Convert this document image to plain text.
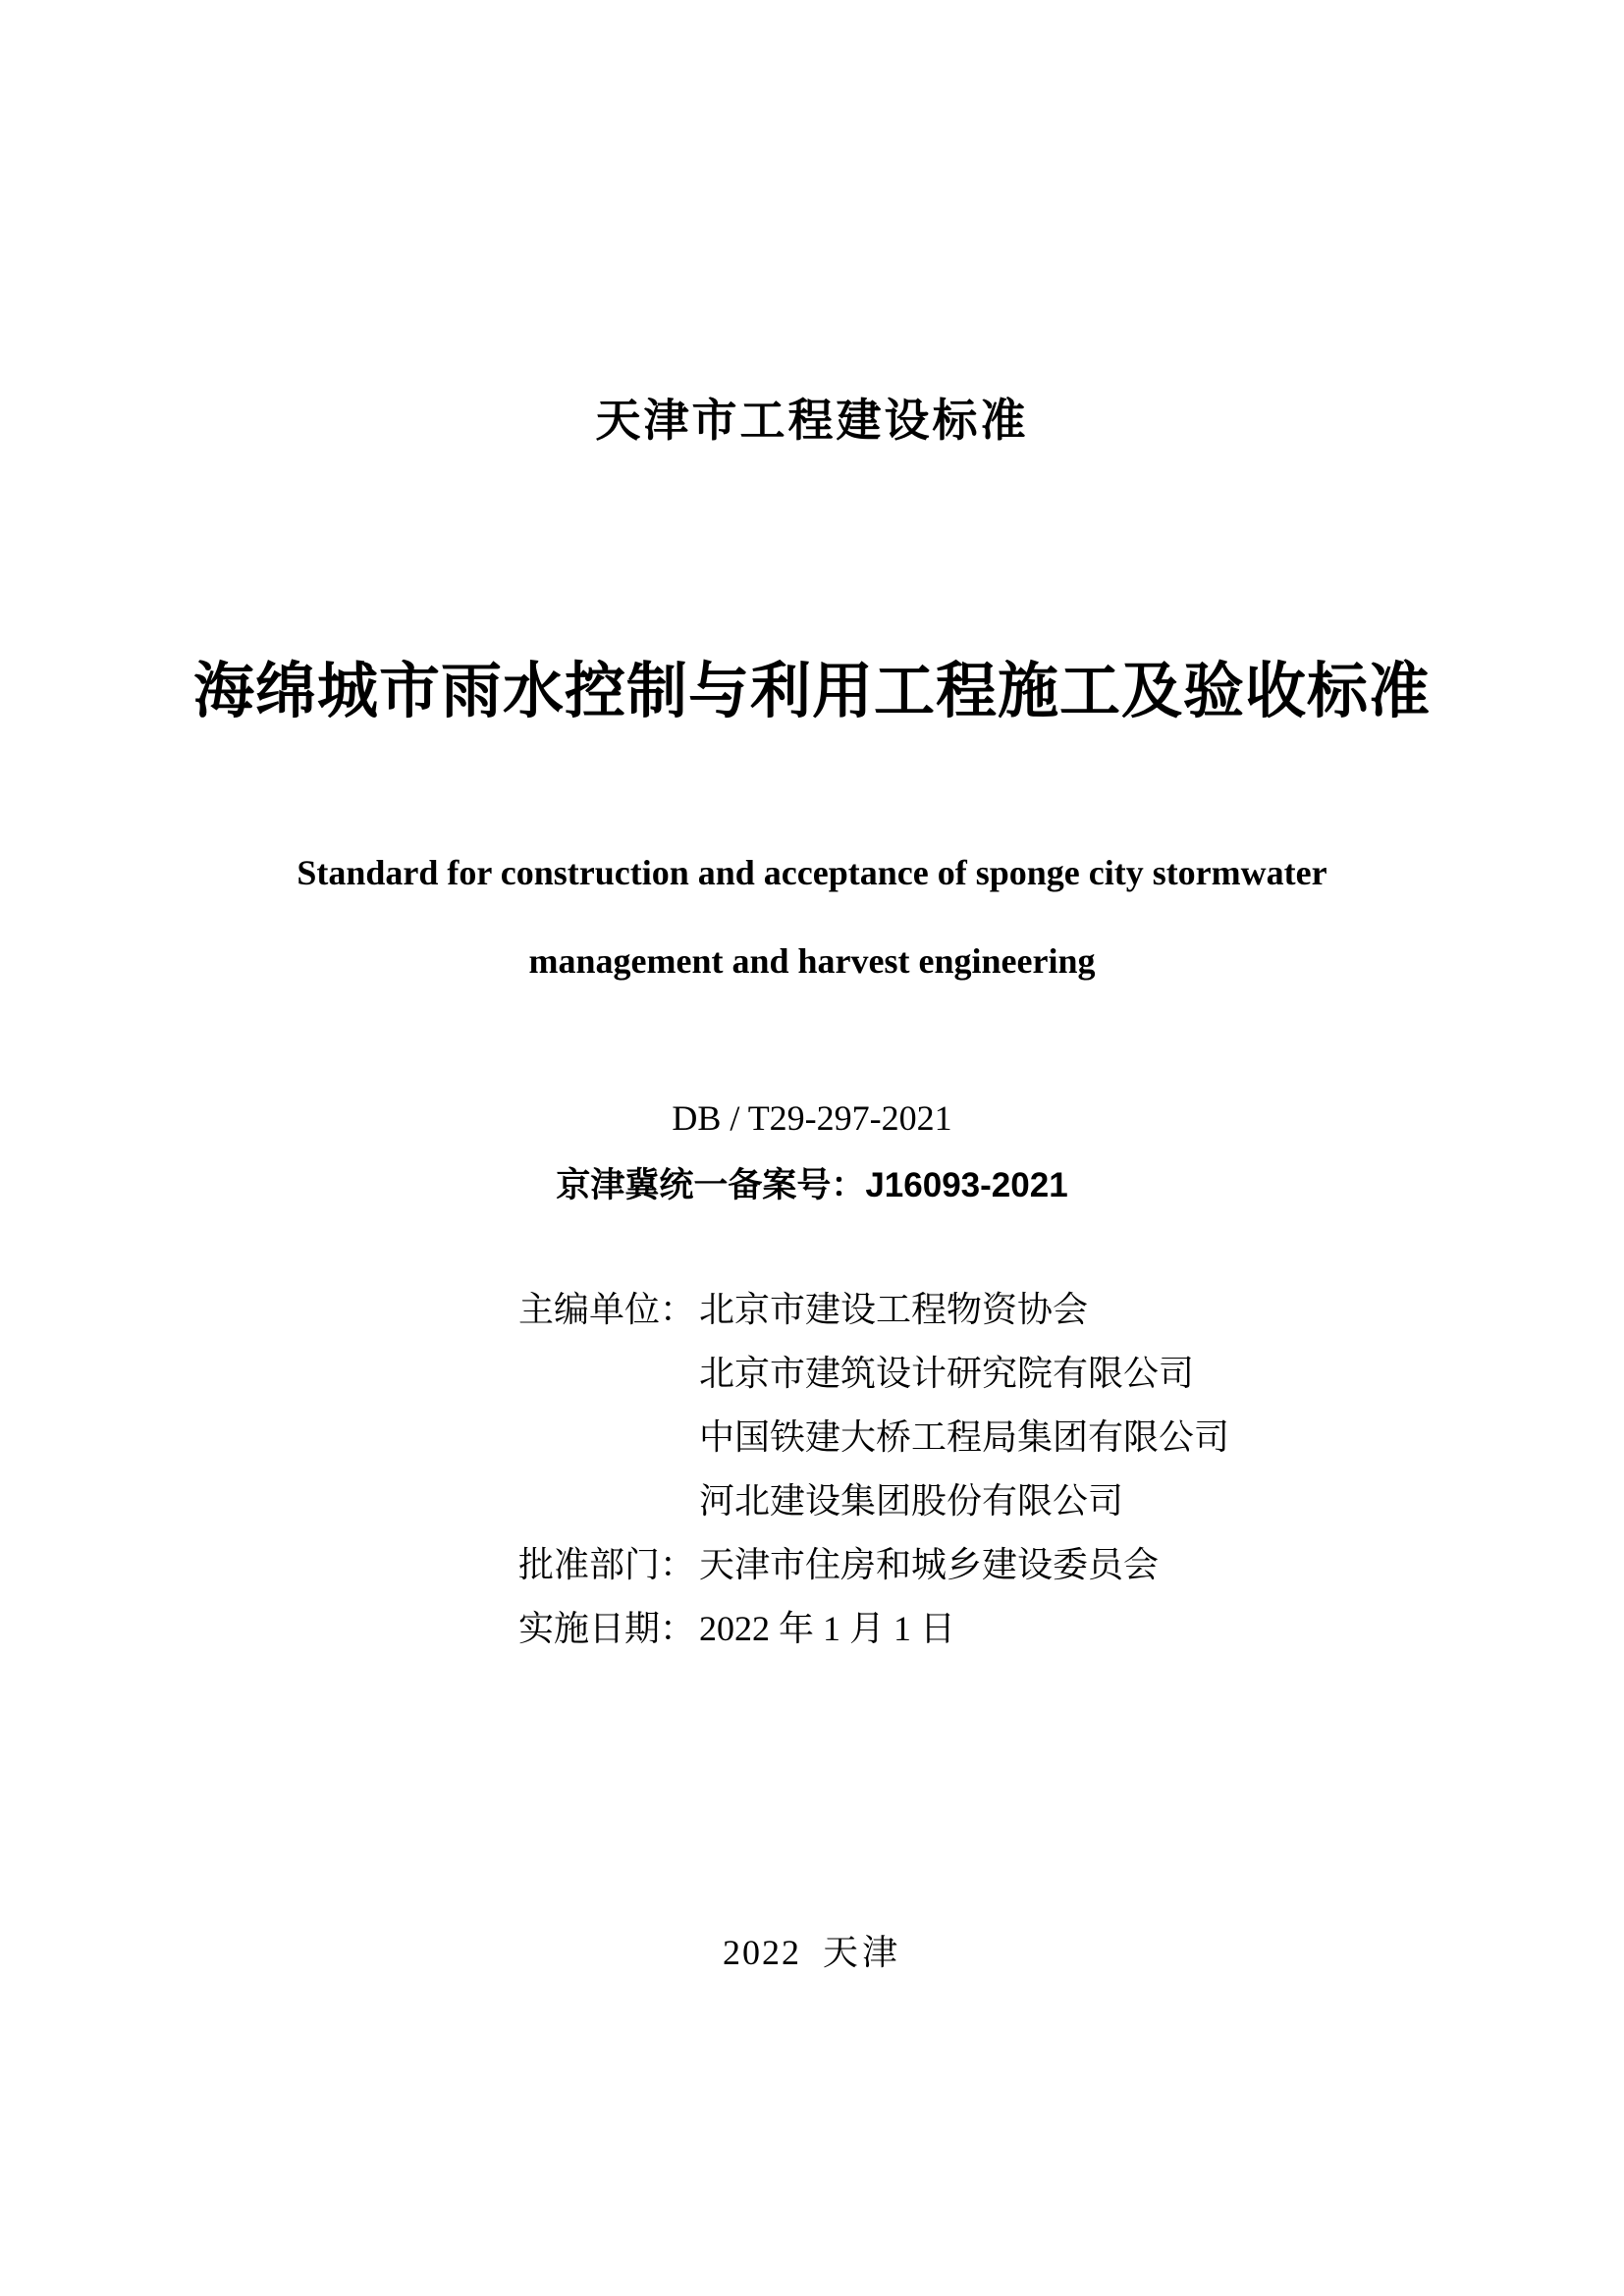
天津市工程建设标准
海绵城市雨水控制与利用工程施工及验收标准
Standard for construction and acceptance of sponge city stormwater
management and harvest engineering
DB / T29-297-2021
京津冀统一备案号：J16093-2021
主编单位： 北京市建设工程物资协会
北京市建筑设计研究院有限公司
中国铁建大桥工程局集团有限公司
河北建设集团股份有限公司
批准部门： 天津市住房和城乡建设委员会
实施日期： 2022 年 1 月 1 日
2022 天津
